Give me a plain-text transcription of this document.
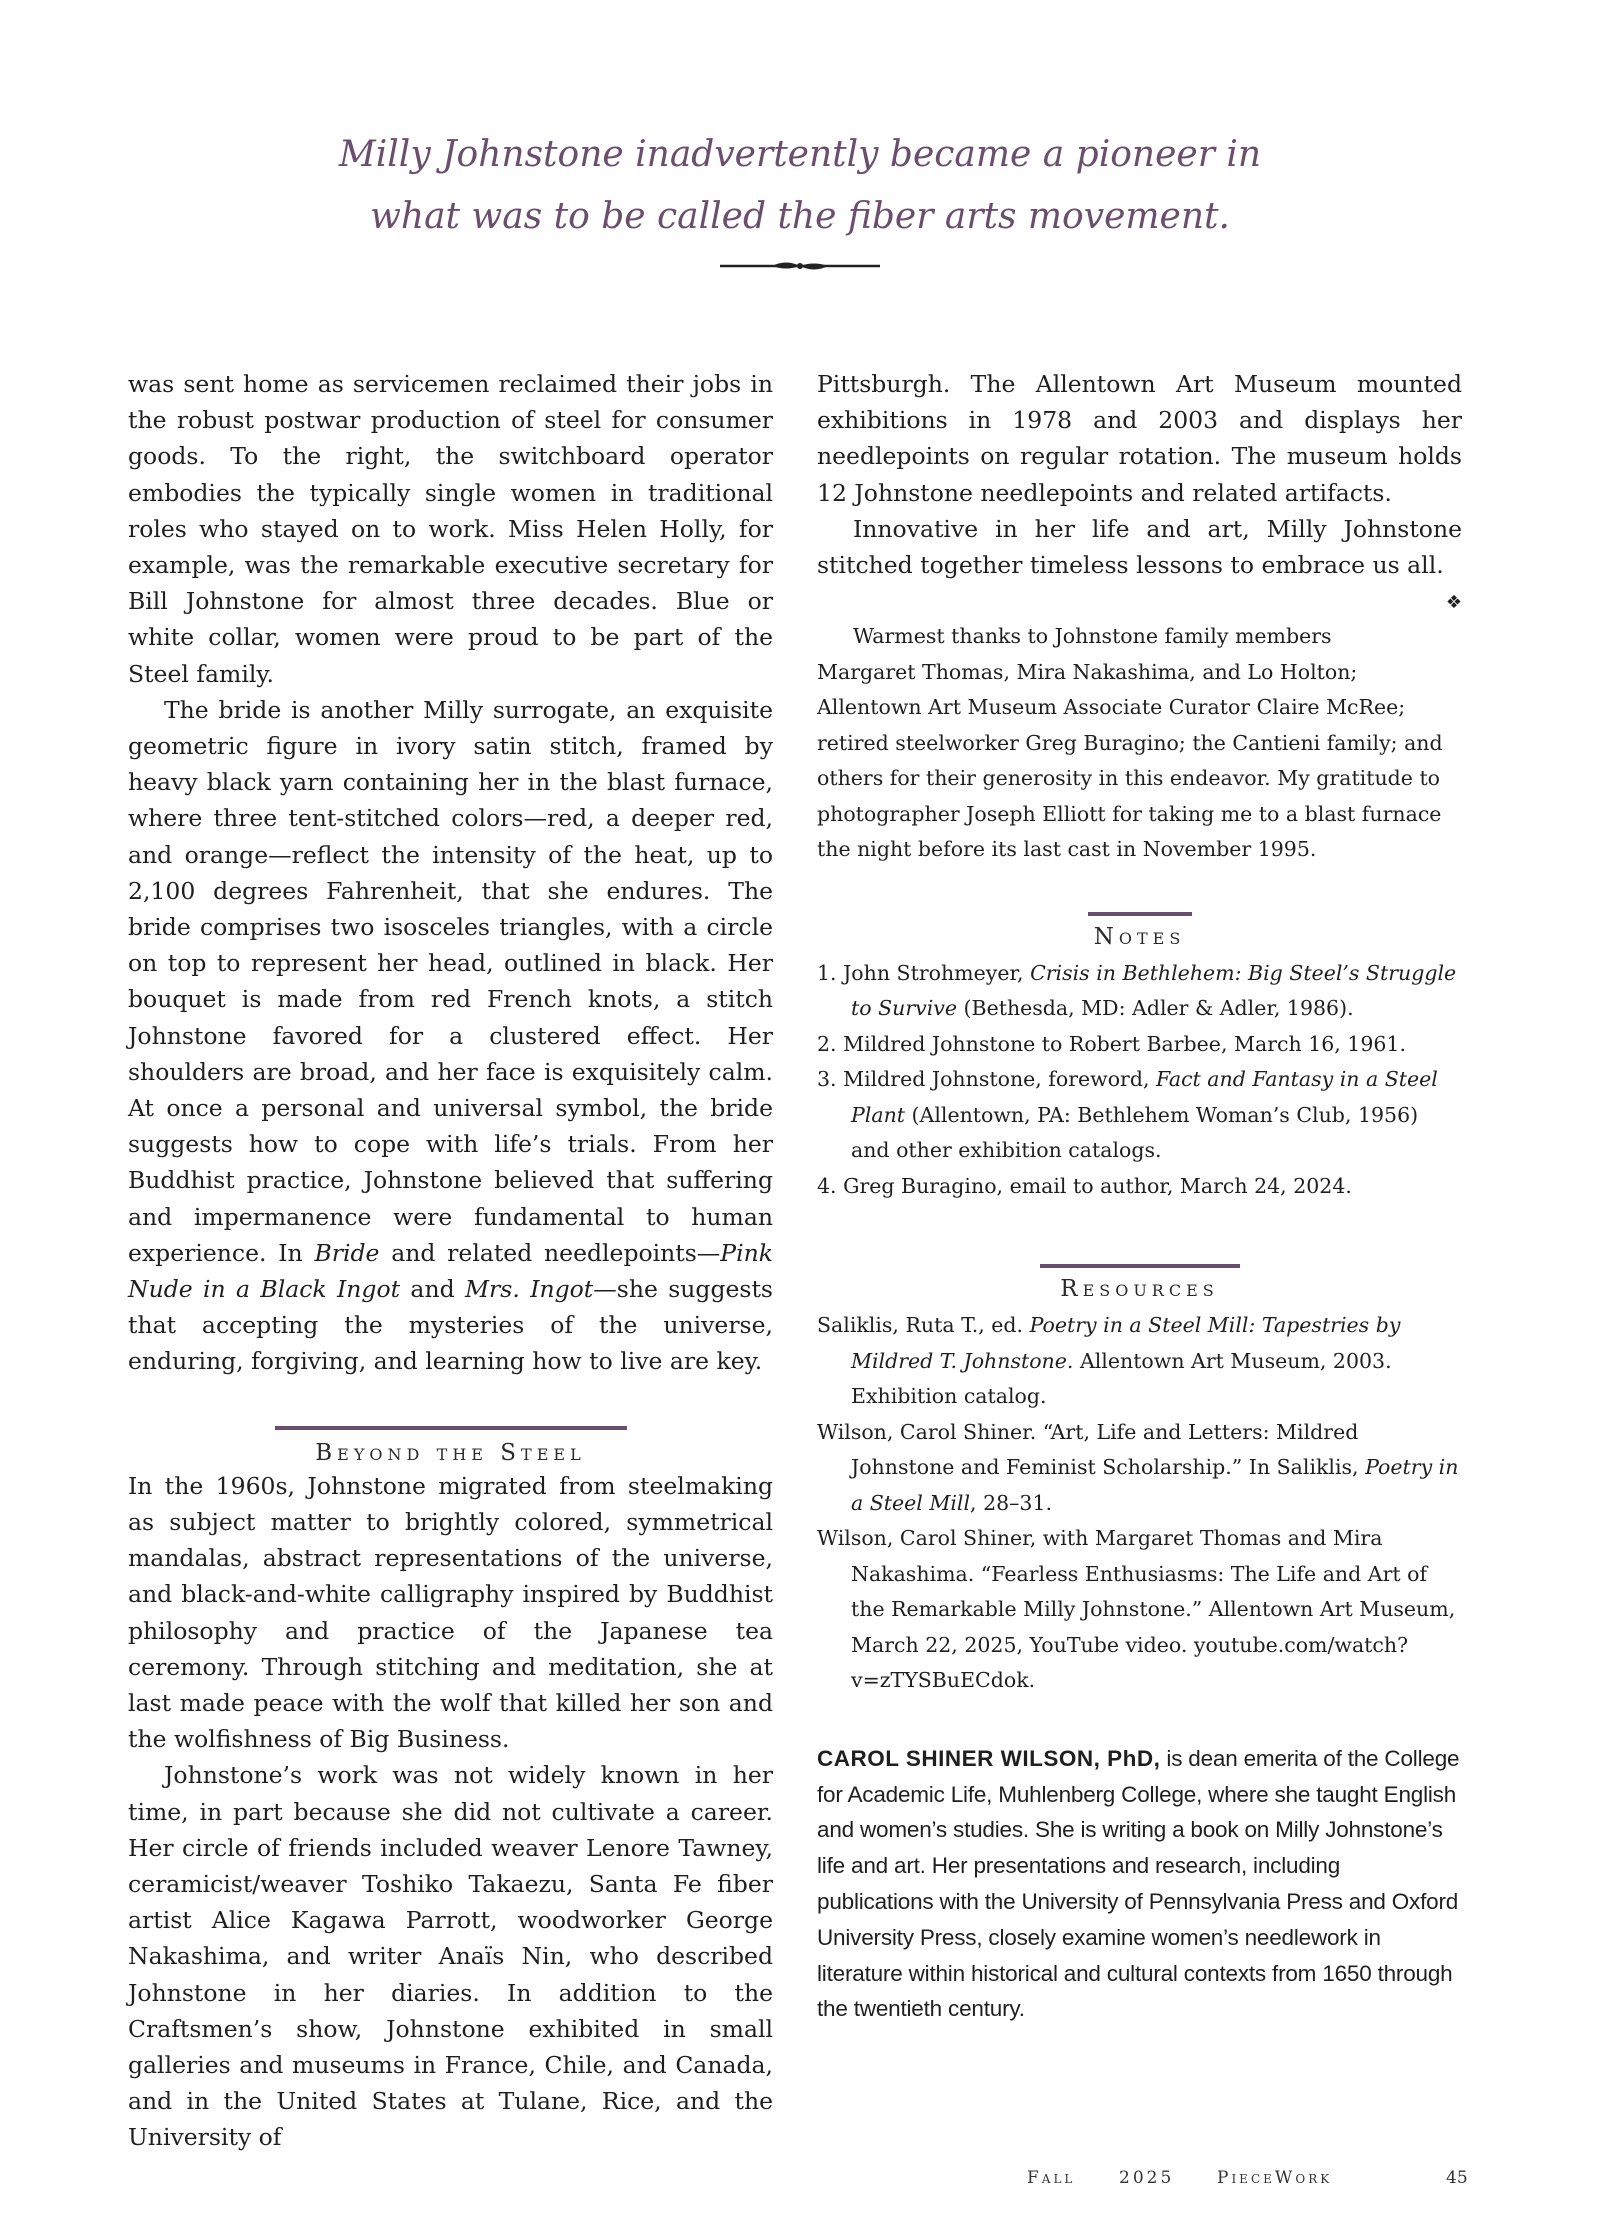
Milly Johnstone inadvertently became a pioneer in
what was to be called the fiber arts movement.

was sent home as servicemen reclaimed their jobs in the robust postwar production of steel for consumer goods. To the right, the switchboard operator embodies the typically single women in traditional roles who stayed on to work. Miss Helen Holly, for example, was the remarkable executive secretary for Bill Johnstone for almost three decades. Blue or white collar, women were proud to be part of the Steel family.

The bride is another Milly surrogate, an exquisite geometric figure in ivory satin stitch, framed by heavy black yarn containing her in the blast furnace, where three tent-stitched colors—red, a deeper red, and orange—reflect the intensity of the heat, up to 2,100 degrees Fahrenheit, that she endures. The bride comprises two isosceles triangles, with a circle on top to represent her head, outlined in black. Her bouquet is made from red French knots, a stitch Johnstone favored for a clustered effect. Her shoulders are broad, and her face is exquisitely calm. At once a personal and universal symbol, the bride suggests how to cope with life’s trials. From her Buddhist practice, Johnstone believed that suffering and impermanence were fundamental to human experience. In Bride and related needlepoints—Pink Nude in a Black Ingot and Mrs. Ingot—she suggests that accepting the mysteries of the universe, enduring, forgiving, and learning how to live are key.

Beyond the Steel

In the 1960s, Johnstone migrated from steelmaking as subject matter to brightly colored, symmetrical mandalas, abstract representations of the universe, and black-and-white calligraphy inspired by Buddhist philosophy and practice of the Japanese tea ceremony. Through stitching and meditation, she at last made peace with the wolf that killed her son and the wolfishness of Big Business.

Johnstone’s work was not widely known in her time, in part because she did not cultivate a career. Her circle of friends included weaver Lenore Tawney, ceramicist/weaver Toshiko Takaezu, Santa Fe fiber artist Alice Kagawa Parrott, woodworker George Nakashima, and writer Anaïs Nin, who described Johnstone in her diaries. In addition to the Craftsmen’s show, Johnstone exhibited in small galleries and museums in France, Chile, and Canada, and in the United States at Tulane, Rice, and the University of

Pittsburgh. The Allentown Art Museum mounted exhibitions in 1978 and 2003 and displays her needlepoints on regular rotation. The museum holds 12 Johnstone needlepoints and related artifacts.

Innovative in her life and art, Milly Johnstone stitched together timeless lessons to embrace us all.
❖

Warmest thanks to Johnstone family members Margaret Thomas, Mira Nakashima, and Lo Holton; Allentown Art Museum Associate Curator Claire McRee; retired steelworker Greg Buragino; the Cantieni family; and others for their generosity in this endeavor. My gratitude to photographer Joseph Elliott for taking me to a blast furnace the night before its last cast in November 1995.

Notes
1. John Strohmeyer, Crisis in Bethlehem: Big Steel’s Struggle to Survive (Bethesda, MD: Adler & Adler, 1986).
2. Mildred Johnstone to Robert Barbee, March 16, 1961.
3. Mildred Johnstone, foreword, Fact and Fantasy in a Steel Plant (Allentown, PA: Bethlehem Woman’s Club, 1956) and other exhibition catalogs.
4. Greg Buragino, email to author, March 24, 2024.
Resources
Saliklis, Ruta T., ed. Poetry in a Steel Mill: Tapestries by Mildred T. Johnstone. Allentown Art Museum, 2003. Exhibition catalog.
Wilson, Carol Shiner. “Art, Life and Letters: Mildred Johnstone and Feminist Scholarship.” In Saliklis, Poetry in a Steel Mill, 28–31.
Wilson, Carol Shiner, with Margaret Thomas and Mira Nakashima. “Fearless Enthusiasms: The Life and Art of the Remarkable Milly Johnstone.” Allentown Art Museum, March 22, 2025, YouTube video. youtube.com/watch?v=zTYSBuECdok.

CAROL SHINER WILSON, PhD, is dean emerita of the College for Academic Life, Muhlenberg College, where she taught English and women’s studies. She is writing a book on Milly Johnstone’s life and art. Her presentations and research, including publications with the University of Pennsylvania Press and Oxford University Press, closely examine women’s needlework in literature within historical and cultural contexts from 1650 through the twentieth century.

Fall	2025	PieceWork	45
